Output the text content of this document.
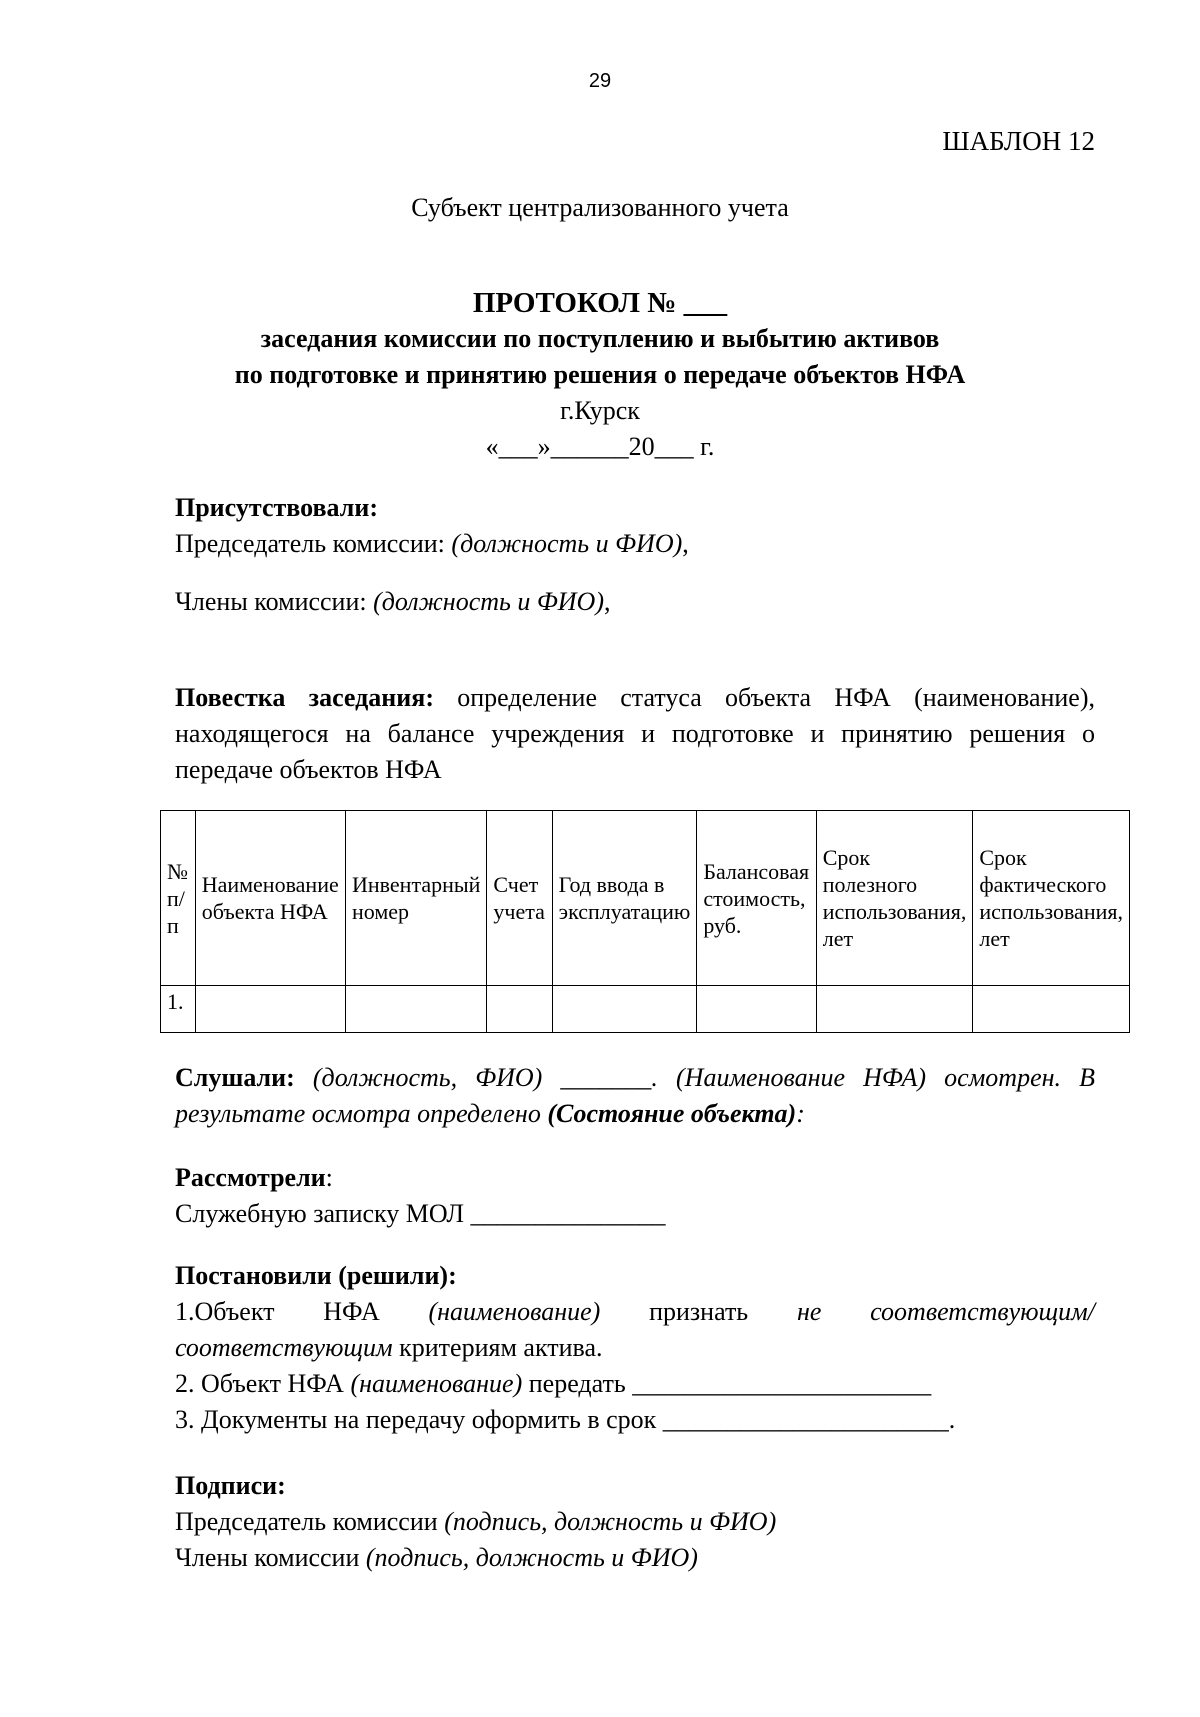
29
ШАБЛОН 12
Субъект централизованного учета
ПРОТОКОЛ № ___
заседания комиссии по поступлению и выбытию активов
по подготовке и принятию решения о передаче объектов НФА
г.Курск
«___»______20___ г.
Присутствовали:
Председатель комиссии: (должность и ФИО),
Члены комиссии: (должность и ФИО),
Повестка заседания: определение статуса объекта НФА (наименование), находящегося на балансе учреждения и подготовке и принятию решения о передаче объектов НФА
№ п/п	Наименование объекта НФА	Инвентарный номер	Счет учета	Год ввода в эксплуатацию	Балансовая стоимость, руб.	Срок полезного использования, лет	Срок фактического использования, лет
1.							
Слушали: (должность, ФИО) _______. (Наименование НФА) осмотрен. В результате осмотра определено (Состояние объекта):
Рассмотрели:
Служебную записку МОЛ _______________
Постановили (решили):
1.Объект НФА (наименование) признать не соответствующим/ соответствующим критериям актива.
2. Объект НФА (наименование) передать _______________________
3. Документы на передачу оформить в срок ______________________.
Подписи:
Председатель комиссии (подпись, должность и ФИО)
Члены комиссии (подпись, должность и ФИО)
